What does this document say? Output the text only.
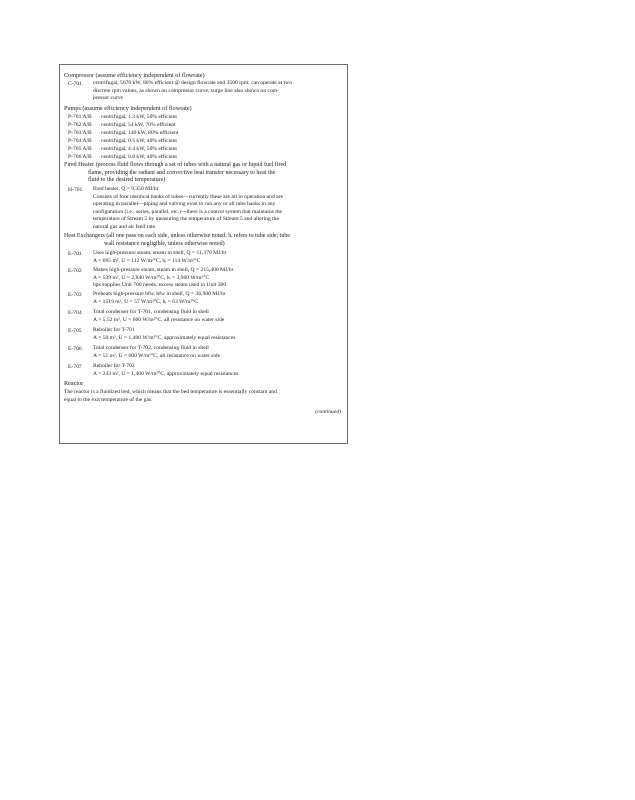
Compressor (assume efficiency independent of flowrate)
C-701 centrifugal, 5670 kW, 80% efficient @ design flowrate and 3500 rpm; can operate at two
discrete rpm values, as shown on compressor curve; surge line also shown on com-
pressor curve
Pumps (assume efficiency independent of flowrate)
P-701 A/B centrifugal, 1.3 kW, 50% efficient
P-702 A/B centrifugal, 54 kW, 70% efficient
P-703 A/B centrifugal, 140 kW, 80% efficient
P-704 A/B centrifugal, 0.5 kW, 40% efficient
P-705 A/B centrifugal, 4.4 kW, 50% efficient
P-706 A/B centrifugal, 0.8 kW, 40% efficient
Fired Heater (process fluid flows through a set of tubes with a natural gas or liquid fuel fired
flame, providing the radiant and convective heat transfer necessary to heat the
fluid to the desired temperature)
H-701 fired heater, Q = 9,350 MJ/hr
Consists of four identical banks of tubes—currently these are all in operation and are
operating in parallel—piping and valving exist to run any or all tube banks in any
configuration (i.e., series, parallel, etc.)—there is a control system that maintains the
temperature of Stream 5 by measuring the temperature of Stream 5 and altering the
natural gas and air feed rate.
Heat Exchangers (all one pass on each side, unless otherwise noted; hᵢ refers to tube side; tube
wall resistance negligible, unless otherwise noted)
E-701 Uses high-pressure steam, steam in shell, Q = 11,370 MJ/hr
A = 695 m², U = 112 W/m²°C, hᵢ = 114 W/m²°C
E-702 Makes high-pressure steam, steam in shell, Q = 215,400 MJ/hr
A = 539 m², U = 2,840 W/m²°C, hᵢ = 3,960 W/m²°C
hps supplies Unit 700 needs, excess steam used in Unit 300
E-703 Preheats high-pressure bfw, bfw in shell, Q = 36,900 MJ/hr
A = 1519 m², U = 57 W/m²°C, hᵢ = 63 W/m²°C
E-704 Total condenser for T-701, condensing fluid in shell
A = 5.52 m², U = 600 W/m²°C, all resistance on water side
E-705 Reboiler for T-701
A = 50 m², U = 1,400 W/m²°C, approximately equal resistances
E-706 Total condenser for T-702, condensing fluid in shell
A = 51 m², U = 600 W/m²°C, all resistance on water side
E-707 Reboiler for T-702
A = 243 m², U = 1,400 W/m²°C, approximately equal resistances
Reactor
The reactor is a fluidized bed, which means that the bed temperature is essentially constant and
equal to the exit temperature of the gas.
(continued)
